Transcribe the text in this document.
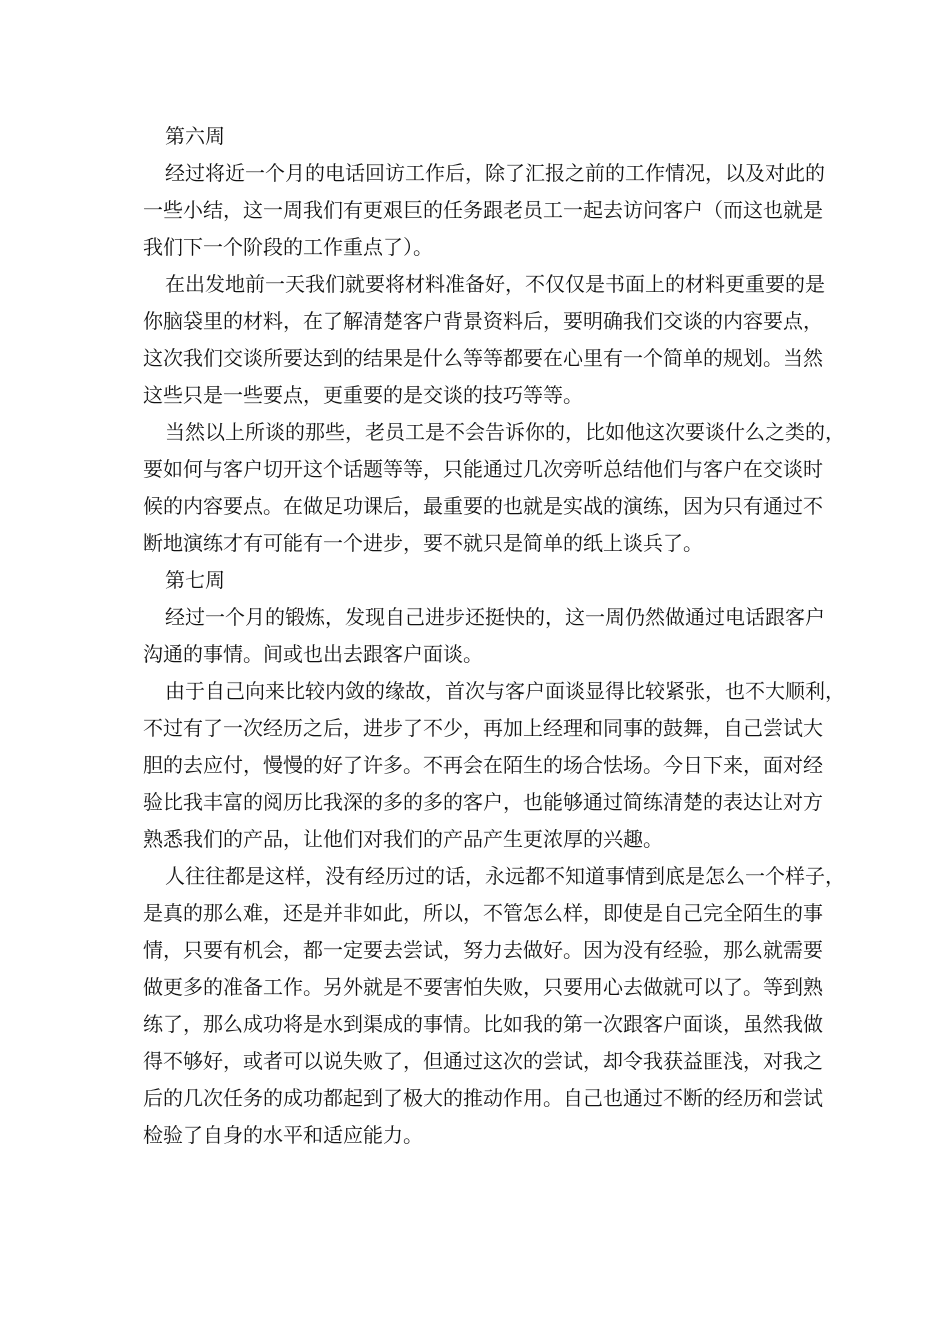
第六周
经过将近一个月的电话回访工作后，除了汇报之前的工作情况，以及对此的
一些小结，这一周我们有更艰巨的任务跟老员工一起去访问客户（而这也就是
我们下一个阶段的工作重点了）。
在出发地前一天我们就要将材料准备好，不仅仅是书面上的材料更重要的是
你脑袋里的材料，在了解清楚客户背景资料后，要明确我们交谈的内容要点，
这次我们交谈所要达到的结果是什么等等都要在心里有一个简单的规划。当然
这些只是一些要点，更重要的是交谈的技巧等等。
当然以上所谈的那些，老员工是不会告诉你的，比如他这次要谈什么之类的，
要如何与客户切开这个话题等等，只能通过几次旁听总结他们与客户在交谈时
候的内容要点。在做足功课后，最重要的也就是实战的演练，因为只有通过不
断地演练才有可能有一个进步，要不就只是简单的纸上谈兵了。
第七周
经过一个月的锻炼，发现自己进步还挺快的，这一周仍然做通过电话跟客户
沟通的事情。间或也出去跟客户面谈。
由于自己向来比较内敛的缘故，首次与客户面谈显得比较紧张，也不大顺利，
不过有了一次经历之后，进步了不少，再加上经理和同事的鼓舞，自己尝试大
胆的去应付，慢慢的好了许多。不再会在陌生的场合怯场。今日下来，面对经
验比我丰富的阅历比我深的多的多的客户，也能够通过简练清楚的表达让对方
熟悉我们的产品，让他们对我们的产品产生更浓厚的兴趣。
人往往都是这样，没有经历过的话，永远都不知道事情到底是怎么一个样子，
是真的那么难，还是并非如此，所以，不管怎么样，即使是自己完全陌生的事
情，只要有机会，都一定要去尝试，努力去做好。因为没有经验，那么就需要
做更多的准备工作。另外就是不要害怕失败，只要用心去做就可以了。等到熟
练了，那么成功将是水到渠成的事情。比如我的第一次跟客户面谈，虽然我做
得不够好，或者可以说失败了，但通过这次的尝试，却令我获益匪浅，对我之
后的几次任务的成功都起到了极大的推动作用。自己也通过不断的经历和尝试
检验了自身的水平和适应能力。
